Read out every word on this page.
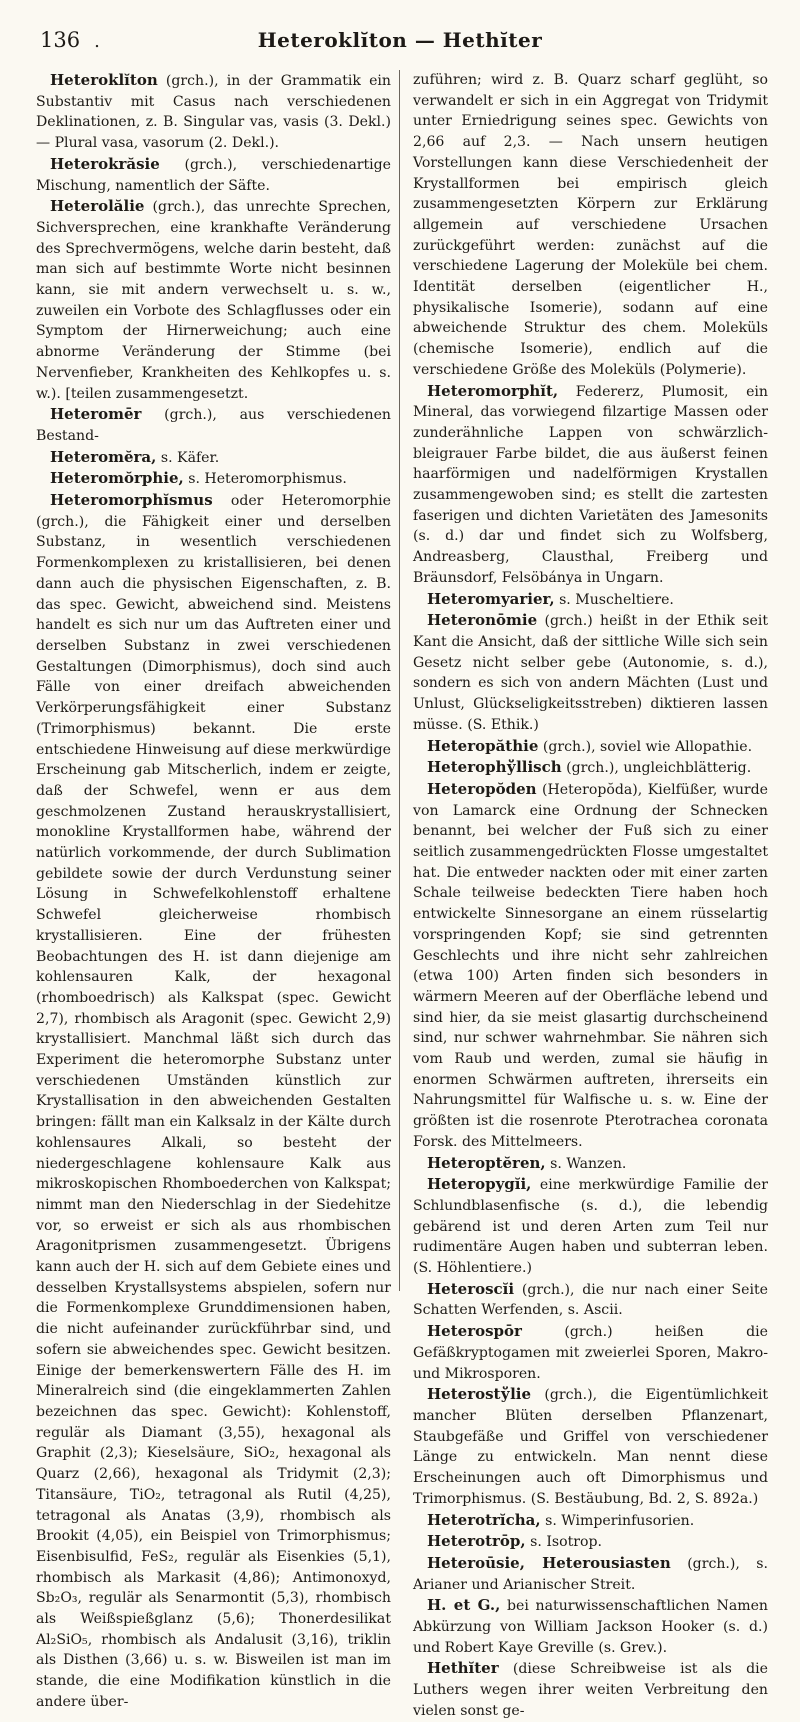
136 .	Heteroklĭton — Hethĭter

Heteroklĭton (grch.), in der Grammatik ein Substantiv mit Casus nach verschiedenen Deklinationen, z. B. Singular vas, vasis (3. Dekl.) — Plural vasa, vasorum (2. Dekl.).

Heterokrăsie (grch.), verschiedenartige Mischung, namentlich der Säfte.

Heterolălie (grch.), das unrechte Sprechen, Sichversprechen, eine krankhafte Veränderung des Sprechvermögens, welche darin besteht, daß man sich auf bestimmte Worte nicht besinnen kann, sie mit andern verwechselt u. s. w., zuweilen ein Vorbote des Schlagflusses oder ein Symptom der Hirnerweichung; auch eine abnorme Veränderung der Stimme (bei Nervenfieber, Krankheiten des Kehlkopfes u. s. w.). [teilen zusammengesetzt.

Heteromēr (grch.), aus verschiedenen Bestand-

Heteromĕra, s. Käfer.

Heteromŏrphie, s. Heteromorphismus.

Heteromorphĭsmus oder Heteromorphie (grch.), die Fähigkeit einer und derselben Substanz, in wesentlich verschiedenen Formenkomplexen zu kristallisieren, bei denen dann auch die physischen Eigenschaften, z. B. das spec. Gewicht, abweichend sind. Meistens handelt es sich nur um das Auftreten einer und derselben Substanz in zwei verschiedenen Gestaltungen (Dimorphismus), doch sind auch Fälle von einer dreifach abweichenden Verkörperungsfähigkeit einer Substanz (Trimorphismus) bekannt. Die erste entschiedene Hinweisung auf diese merkwürdige Erscheinung gab Mitscherlich, indem er zeigte, daß der Schwefel, wenn er aus dem geschmolzenen Zustand herauskrystallisiert, monokline Krystallformen habe, während der natürlich vorkommende, der durch Sublimation gebildete sowie der durch Verdunstung seiner Lösung in Schwefelkohlenstoff erhaltene Schwefel gleicherweise rhombisch krystallisieren. Eine der frühesten Beobachtungen des H. ist dann diejenige am kohlensauren Kalk, der hexagonal (rhomboedrisch) als Kalkspat (spec. Gewicht 2,7), rhombisch als Aragonit (spec. Gewicht 2,9) krystallisiert. Manchmal läßt sich durch das Experiment die heteromorphe Substanz unter verschiedenen Umständen künstlich zur Krystallisation in den abweichenden Gestalten bringen: fällt man ein Kalksalz in der Kälte durch kohlensaures Alkali, so besteht der niedergeschlagene kohlensaure Kalk aus mikroskopischen Rhomboederchen von Kalkspat; nimmt man den Niederschlag in der Siedehitze vor, so erweist er sich als aus rhombischen Aragonitprismen zusammengesetzt. Übrigens kann auch der H. sich auf dem Gebiete eines und desselben Krystallsystems abspielen, sofern nur die Formenkomplexe Grunddimensionen haben, die nicht aufeinander zurückführbar sind, und sofern sie abweichendes spec. Gewicht besitzen. Einige der bemerkenswertern Fälle des H. im Mineralreich sind (die eingeklammerten Zahlen bezeichnen das spec. Gewicht): Kohlenstoff, regulär als Diamant (3,55), hexagonal als Graphit (2,3); Kieselsäure, SiO₂, hexagonal als Quarz (2,66), hexagonal als Tridymit (2,3); Titansäure, TiO₂, tetragonal als Rutil (4,25), tetragonal als Anatas (3,9), rhombisch als Brookit (4,05), ein Beispiel von Trimorphismus; Eisenbisulfid, FeS₂, regulär als Eisenkies (5,1), rhombisch als Markasit (4,86); Antimonoxyd, Sb₂O₃, regulär als Senarmontit (5,3), rhombisch als Weißspießglanz (5,6); Thonerdesilikat Al₂SiO₅, rhombisch als Andalusit (3,16), triklin als Disthen (3,66) u. s. w. Bisweilen ist man im stande, die eine Modifikation künstlich in die andere über-

zuführen; wird z. B. Quarz scharf geglüht, so verwandelt er sich in ein Aggregat von Tridymit unter Erniedrigung seines spec. Gewichts von 2,66 auf 2,3. — Nach unsern heutigen Vorstellungen kann diese Verschiedenheit der Krystallformen bei empirisch gleich zusammengesetzten Körpern zur Erklärung allgemein auf verschiedene Ursachen zurückgeführt werden: zunächst auf die verschiedene Lagerung der Moleküle bei chem. Identität derselben (eigentlicher H., physikalische Isomerie), sodann auf eine abweichende Struktur des chem. Moleküls (chemische Isomerie), endlich auf die verschiedene Größe des Moleküls (Polymerie).

Heteromorphĭt, Federerz, Plumosit, ein Mineral, das vorwiegend filzartige Massen oder zunderähnliche Lappen von schwärzlich-bleigrauer Farbe bildet, die aus äußerst feinen haarförmigen und nadelförmigen Krystallen zusammengewoben sind; es stellt die zartesten faserigen und dichten Varietäten des Jamesonits (s. d.) dar und findet sich zu Wolfsberg, Andreasberg, Clausthal, Freiberg und Bräunsdorf, Felsöbánya in Ungarn.

Heteromyarier, s. Muscheltiere.

Heteronōmie (grch.) heißt in der Ethik seit Kant die Ansicht, daß der sittliche Wille sich sein Gesetz nicht selber gebe (Autonomie, s. d.), sondern es sich von andern Mächten (Lust und Unlust, Glückseligkeitsstreben) diktieren lassen müsse. (S. Ethik.)

Heteropăthie (grch.), soviel wie Allopathie.

Heterophўllisch (grch.), ungleichblätterig.

Heteropŏden (Heteropŏda), Kielfüßer, wurde von Lamarck eine Ordnung der Schnecken benannt, bei welcher der Fuß sich zu einer seitlich zusammengedrückten Flosse umgestaltet hat. Die entweder nackten oder mit einer zarten Schale teilweise bedeckten Tiere haben hoch entwickelte Sinnesorgane an einem rüsselartig vorspringenden Kopf; sie sind getrennten Geschlechts und ihre nicht sehr zahlreichen (etwa 100) Arten finden sich besonders in wärmern Meeren auf der Oberfläche lebend und sind hier, da sie meist glasartig durchscheinend sind, nur schwer wahrnehmbar. Sie nähren sich vom Raub und werden, zumal sie häufig in enormen Schwärmen auftreten, ihrerseits ein Nahrungsmittel für Walfische u. s. w. Eine der größten ist die rosenrote Pterotrachea coronata Forsk. des Mittelmeers.

Heteroptĕren, s. Wanzen.

Heteropygĭi, eine merkwürdige Familie der Schlundblasenfische (s. d.), die lebendig gebärend ist und deren Arten zum Teil nur rudimentäre Augen haben und subterran leben. (S. Höhlentiere.)

Heteroscĭi (grch.), die nur nach einer Seite Schatten Werfenden, s. Ascii.

Heterospōr	(grch.) heißen die Gefäßkryptogamen mit zweierlei Sporen, Makro- und Mikrosporen.

Heterostўlie (grch.), die Eigentümlichkeit mancher Blüten derselben Pflanzenart, Staubgefäße und Griffel von verschiedener Länge zu entwickeln. Man nennt diese Erscheinungen auch oft Dimorphismus und Trimorphismus. (S. Bestäubung, Bd. 2, S. 892a.)

Heterotrĭcha, s. Wimperinfusorien.

Heterotrōp, s. Isotrop.

Heteroūsie, Heterousiasten (grch.), s. Arianer und Arianischer Streit.

H. et G., bei naturwissenschaftlichen Namen Abkürzung von William Jackson Hooker (s. d.) und Robert Kaye Greville (s. Grev.).

Hethĭter (diese Schreibweise ist als die Luthers wegen ihrer weiten Verbreitung den vielen sonst ge-
